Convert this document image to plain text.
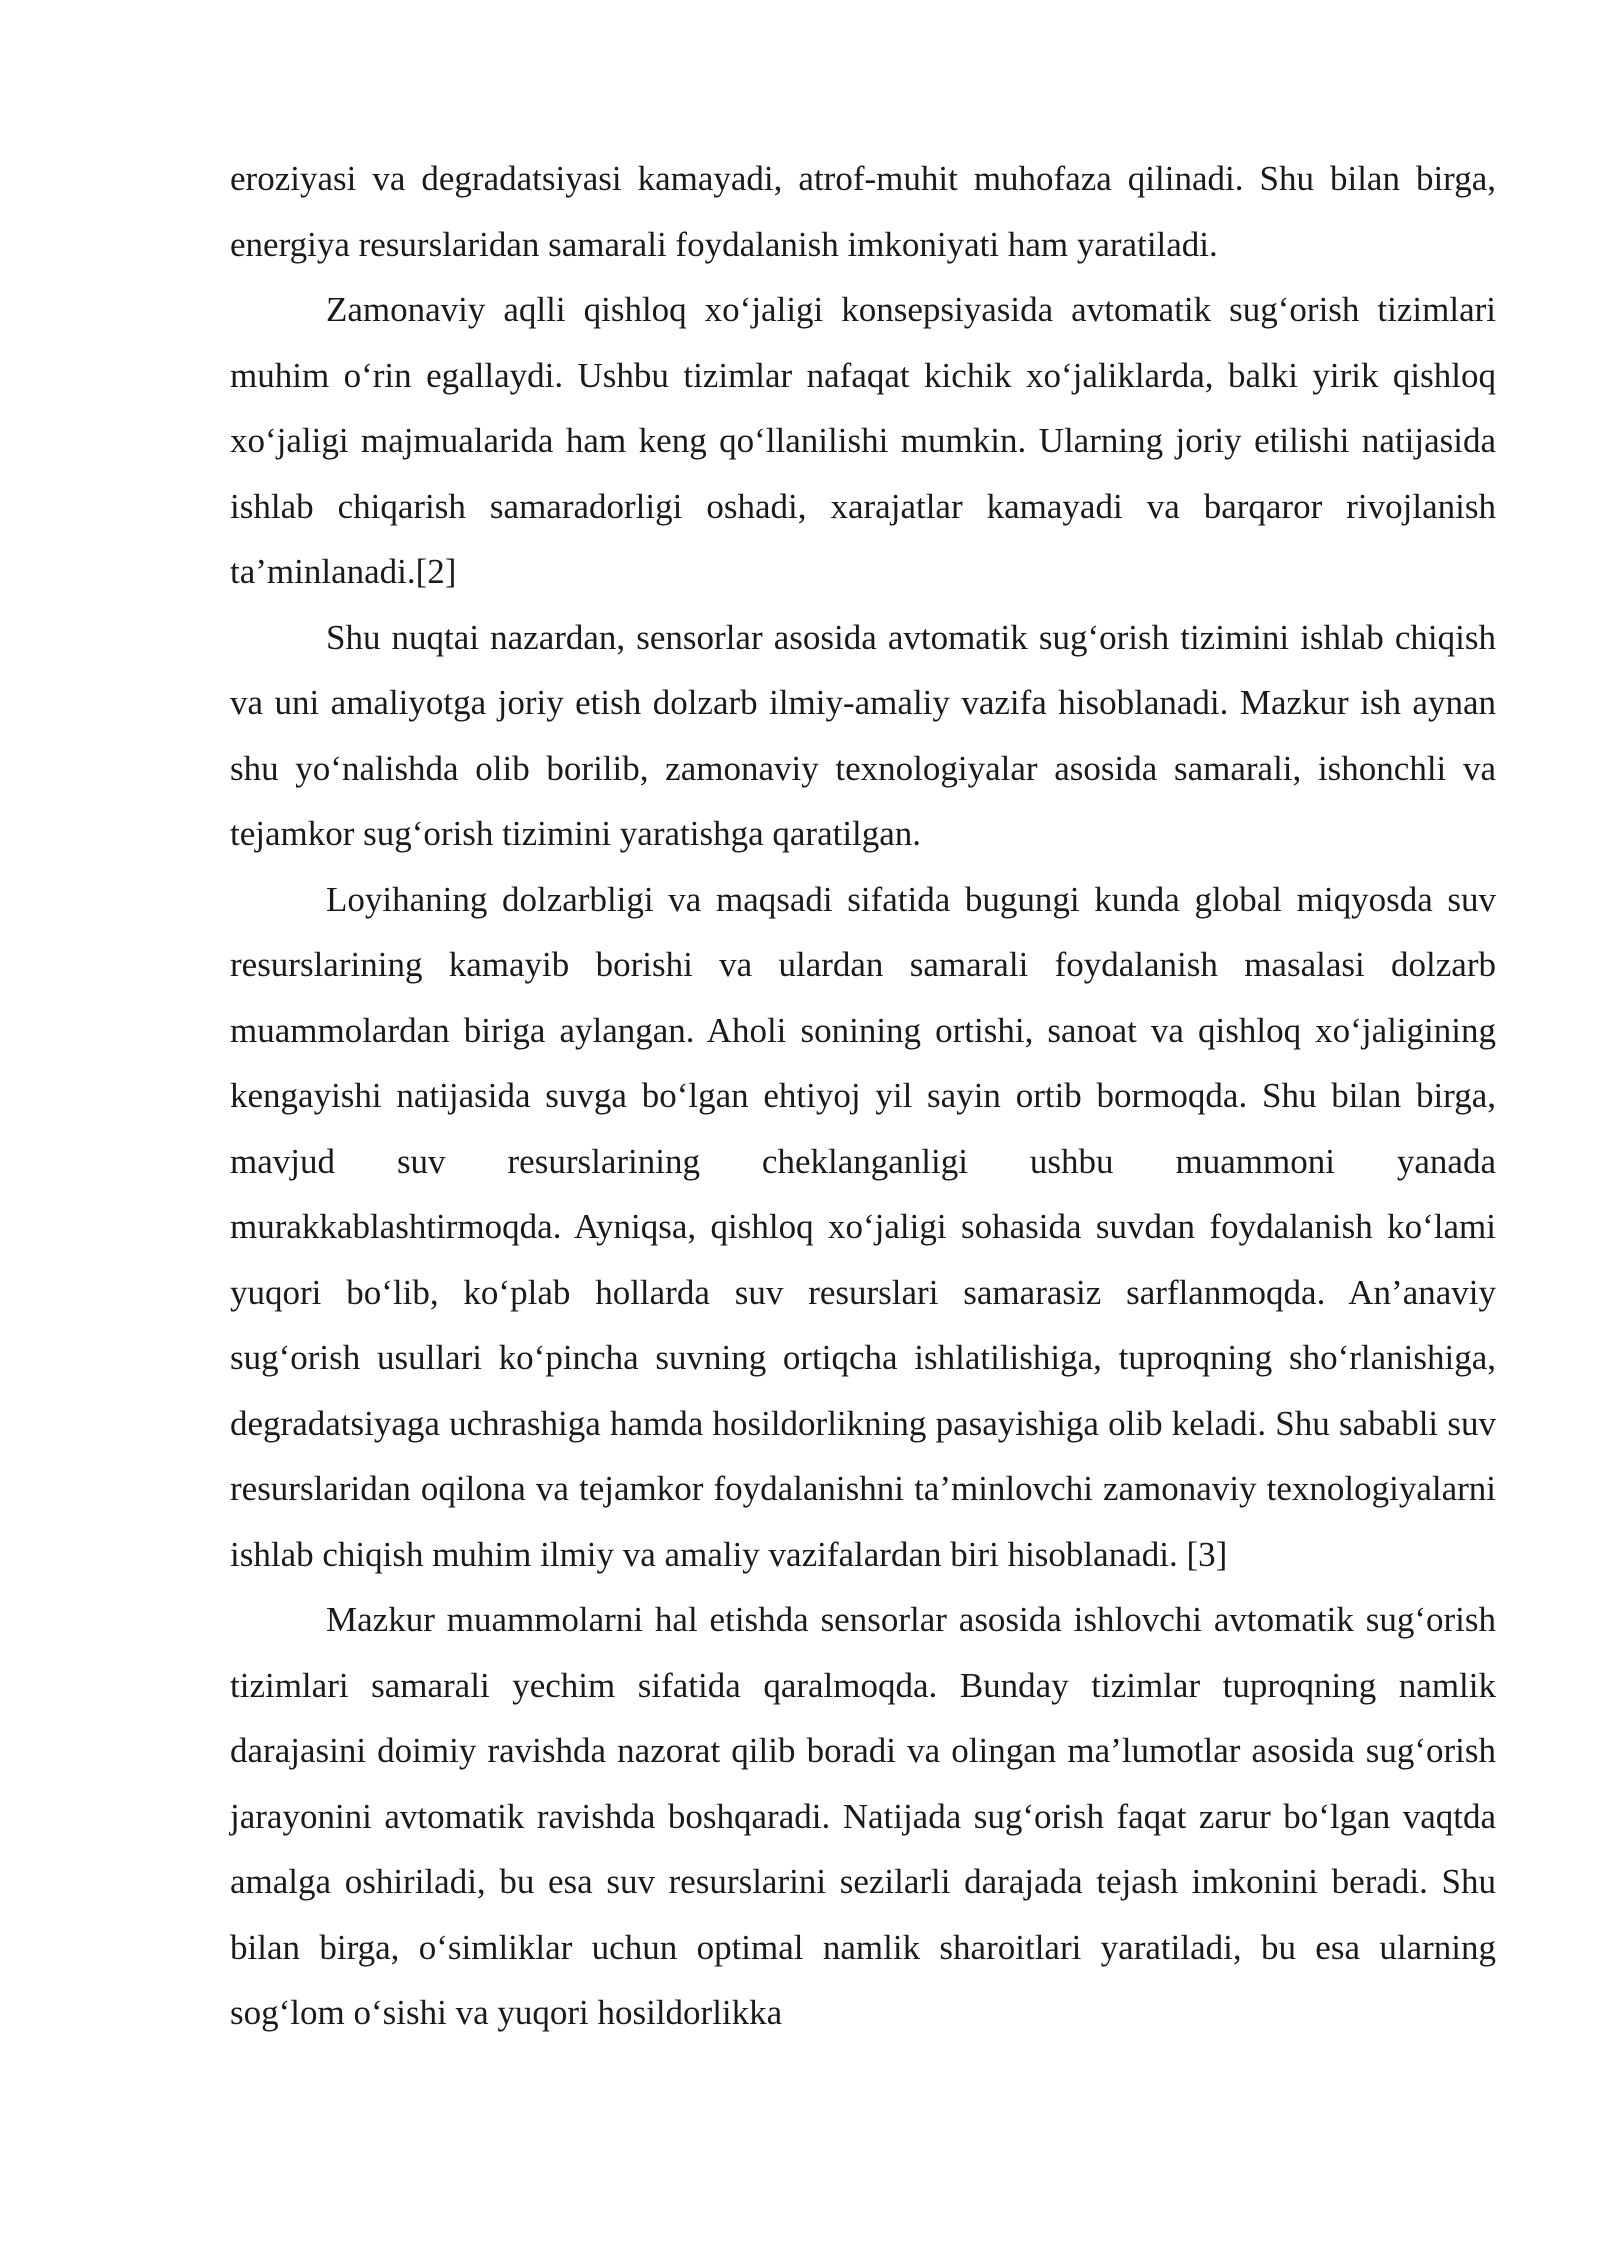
eroziyasi va degradatsiyasi kamayadi, atrof-muhit muhofaza qilinadi. Shu bilan birga, energiya resurslaridan samarali foydalanish imkoniyati ham yaratiladi.

Zamonaviy aqlli qishloq xo‘jaligi konsepsiyasida avtomatik sug‘orish tizimlari muhim o‘rin egallaydi. Ushbu tizimlar nafaqat kichik xo‘jaliklarda, balki yirik qishloq xo‘jaligi majmualarida ham keng qo‘llanilishi mumkin. Ularning joriy etilishi natijasida ishlab chiqarish samaradorligi oshadi, xarajatlar kamayadi va barqaror rivojlanish ta’minlanadi.[2]

Shu nuqtai nazardan, sensorlar asosida avtomatik sug‘orish tizimini ishlab chiqish va uni amaliyotga joriy etish dolzarb ilmiy-amaliy vazifa hisoblanadi. Mazkur ish aynan shu yo‘nalishda olib borilib, zamonaviy texnologiyalar asosida samarali, ishonchli va tejamkor sug‘orish tizimini yaratishga qaratilgan.

Loyihaning dolzarbligi va maqsadi sifatida bugungi kunda global miqyosda suv resurslarining kamayib borishi va ulardan samarali foydalanish masalasi dolzarb muammolardan biriga aylangan. Aholi sonining ortishi, sanoat va qishloq xo‘jaligining kengayishi natijasida suvga bo‘lgan ehtiyoj yil sayin ortib bormoqda. Shu bilan birga, mavjud suv resurslarining cheklanganligi ushbu muammoni yanada murakkablashtirmoqda. Ayniqsa, qishloq xo‘jaligi sohasida suvdan foydalanish ko‘lami yuqori bo‘lib, ko‘plab hollarda suv resurslari samarasiz sarflanmoqda. An’anaviy sug‘orish usullari ko‘pincha suvning ortiqcha ishlatilishiga, tuproqning sho‘rlanishiga, degradatsiyaga uchrashiga hamda hosildorlikning pasayishiga olib keladi. Shu sababli suv resurslaridan oqilona va tejamkor foydalanishni ta’minlovchi zamonaviy texnologiyalarni ishlab chiqish muhim ilmiy va amaliy vazifalardan biri hisoblanadi. [3]

Mazkur muammolarni hal etishda sensorlar asosida ishlovchi avtomatik sug‘orish tizimlari samarali yechim sifatida qaralmoqda. Bunday tizimlar tuproqning namlik darajasini doimiy ravishda nazorat qilib boradi va olingan ma’lumotlar asosida sug‘orish jarayonini avtomatik ravishda boshqaradi. Natijada sug‘orish faqat zarur bo‘lgan vaqtda amalga oshiriladi, bu esa suv resurslarini sezilarli darajada tejash imkonini beradi. Shu bilan birga, o‘simliklar uchun optimal namlik sharoitlari yaratiladi, bu esa ularning sog‘lom o‘sishi va yuqori hosildorlikka
